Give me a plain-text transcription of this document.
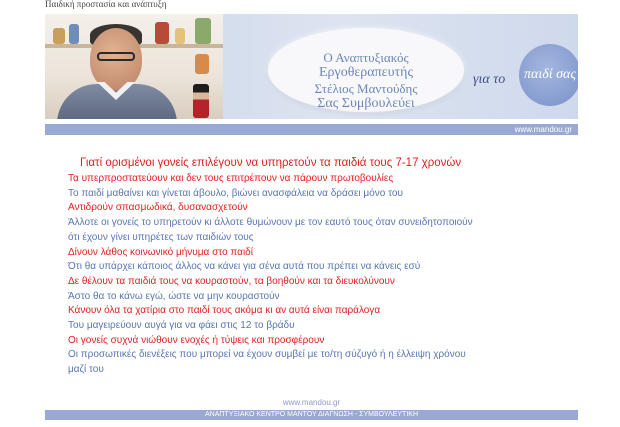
Παιδική προστασία και ανάπτυξη
Ο Αναπτυξιακός
Εργοθεραπευτής
Στέλιος Μαντούδης
Σας Συμβουλεύει
για το	παιδί σας
www.mandou.gr
Γιατί ορισμένοι γονείς επιλέγουν να υπηρετούν τα παιδιά τους 7-17 χρονών
Τα υπερπροστατεύουν και δεν τους επιτρέπουν να πάρουν πρωτοβουλίες
Το παιδί μαθαίνει και γίνεται άβουλο, βιώνει ανασφάλεια να δράσει μόνο του
Αντιδρούν σπασμωδικά, δυσανασχετούν
Άλλοτε οι γονείς το υπηρετούν κι άλλοτε θυμώνουν με τον εαυτό τους όταν συνειδητοποιούν
ότι έχουν γίνει υπηρέτες των παιδιών τους
Δίνουν λάθος κοινωνικό μήνυμα στο παιδί
Ότι θα υπάρχει κάποιος άλλος να κάνει για σένα αυτά που πρέπει να κάνεις εσύ
Δε θέλουν τα παιδιά τους να κουραστούν, τα βοηθούν και τα διευκολύνουν
Άστο θα το κάνω εγώ, ώστε να μην κουραστούν
Κάνουν όλα τα χατίρια στο παιδί τους ακόμα κι αν αυτά είναι παράλογα
Του μαγειρεύουν αυγά για να φάει στις 12 το βράδυ
Οι γονείς συχνά νιώθουν ενοχές ή τύψεις και προσφέρουν
Οι προσωπικές διενέξεις που μπορεί να έχουν συμβεί με το/τη σύζυγό ή η έλλειψη χρόνου
μαζί του
www.mandou.gr
ΑΝΑΠΤΥΞΙΑΚΟ ΚΕΝΤΡΟ ΜΑΝΤΟΥ ΔΙΑΓΝΩΣΗ - ΣΥΜΒΟΥΛΕΥΤΙΚΗ
